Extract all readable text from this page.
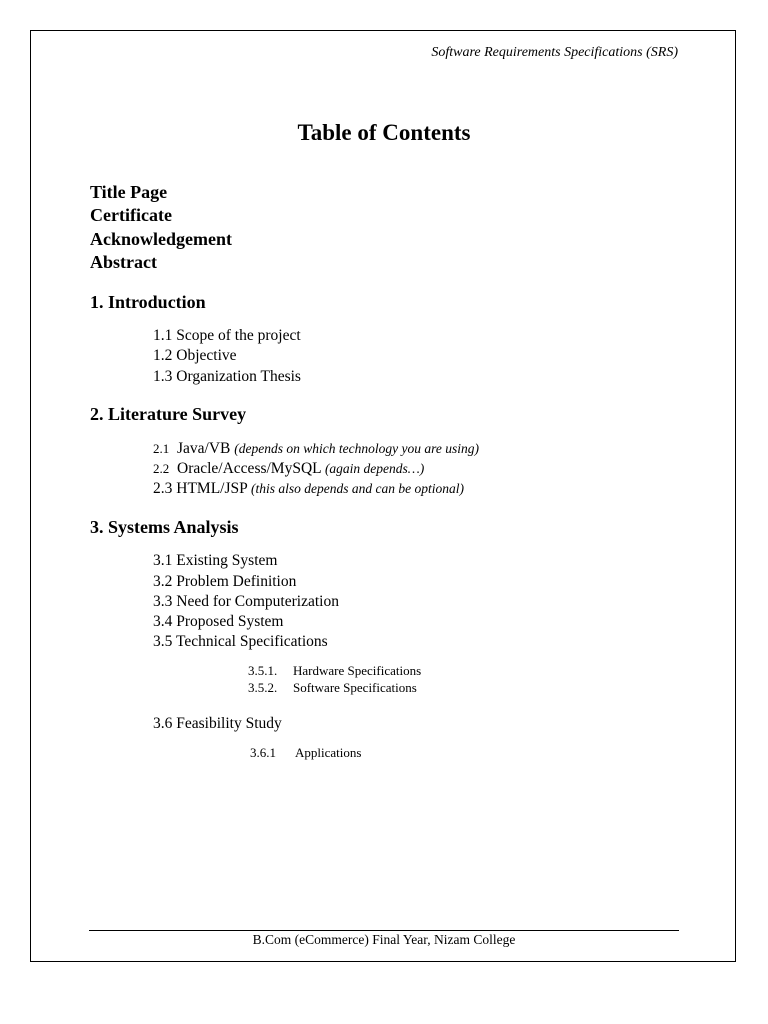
Software Requirements Specifications (SRS)
Table of Contents
Title Page
Certificate
Acknowledgement
Abstract
1. Introduction
1.1 Scope of the project
1.2 Objective
1.3 Organization Thesis
2. Literature Survey
2.1 Java/VB (depends on which technology you are using)
2.2 Oracle/Access/MySQL (again depends…)
2.3 HTML/JSP (this also depends and can be optional)
3. Systems Analysis
3.1 Existing System
3.2 Problem Definition
3.3 Need for Computerization
3.4 Proposed System
3.5 Technical Specifications
3.5.1. Hardware Specifications
3.5.2. Software Specifications
3.6 Feasibility Study
3.6.1 Applications
B.Com (eCommerce) Final Year, Nizam College
